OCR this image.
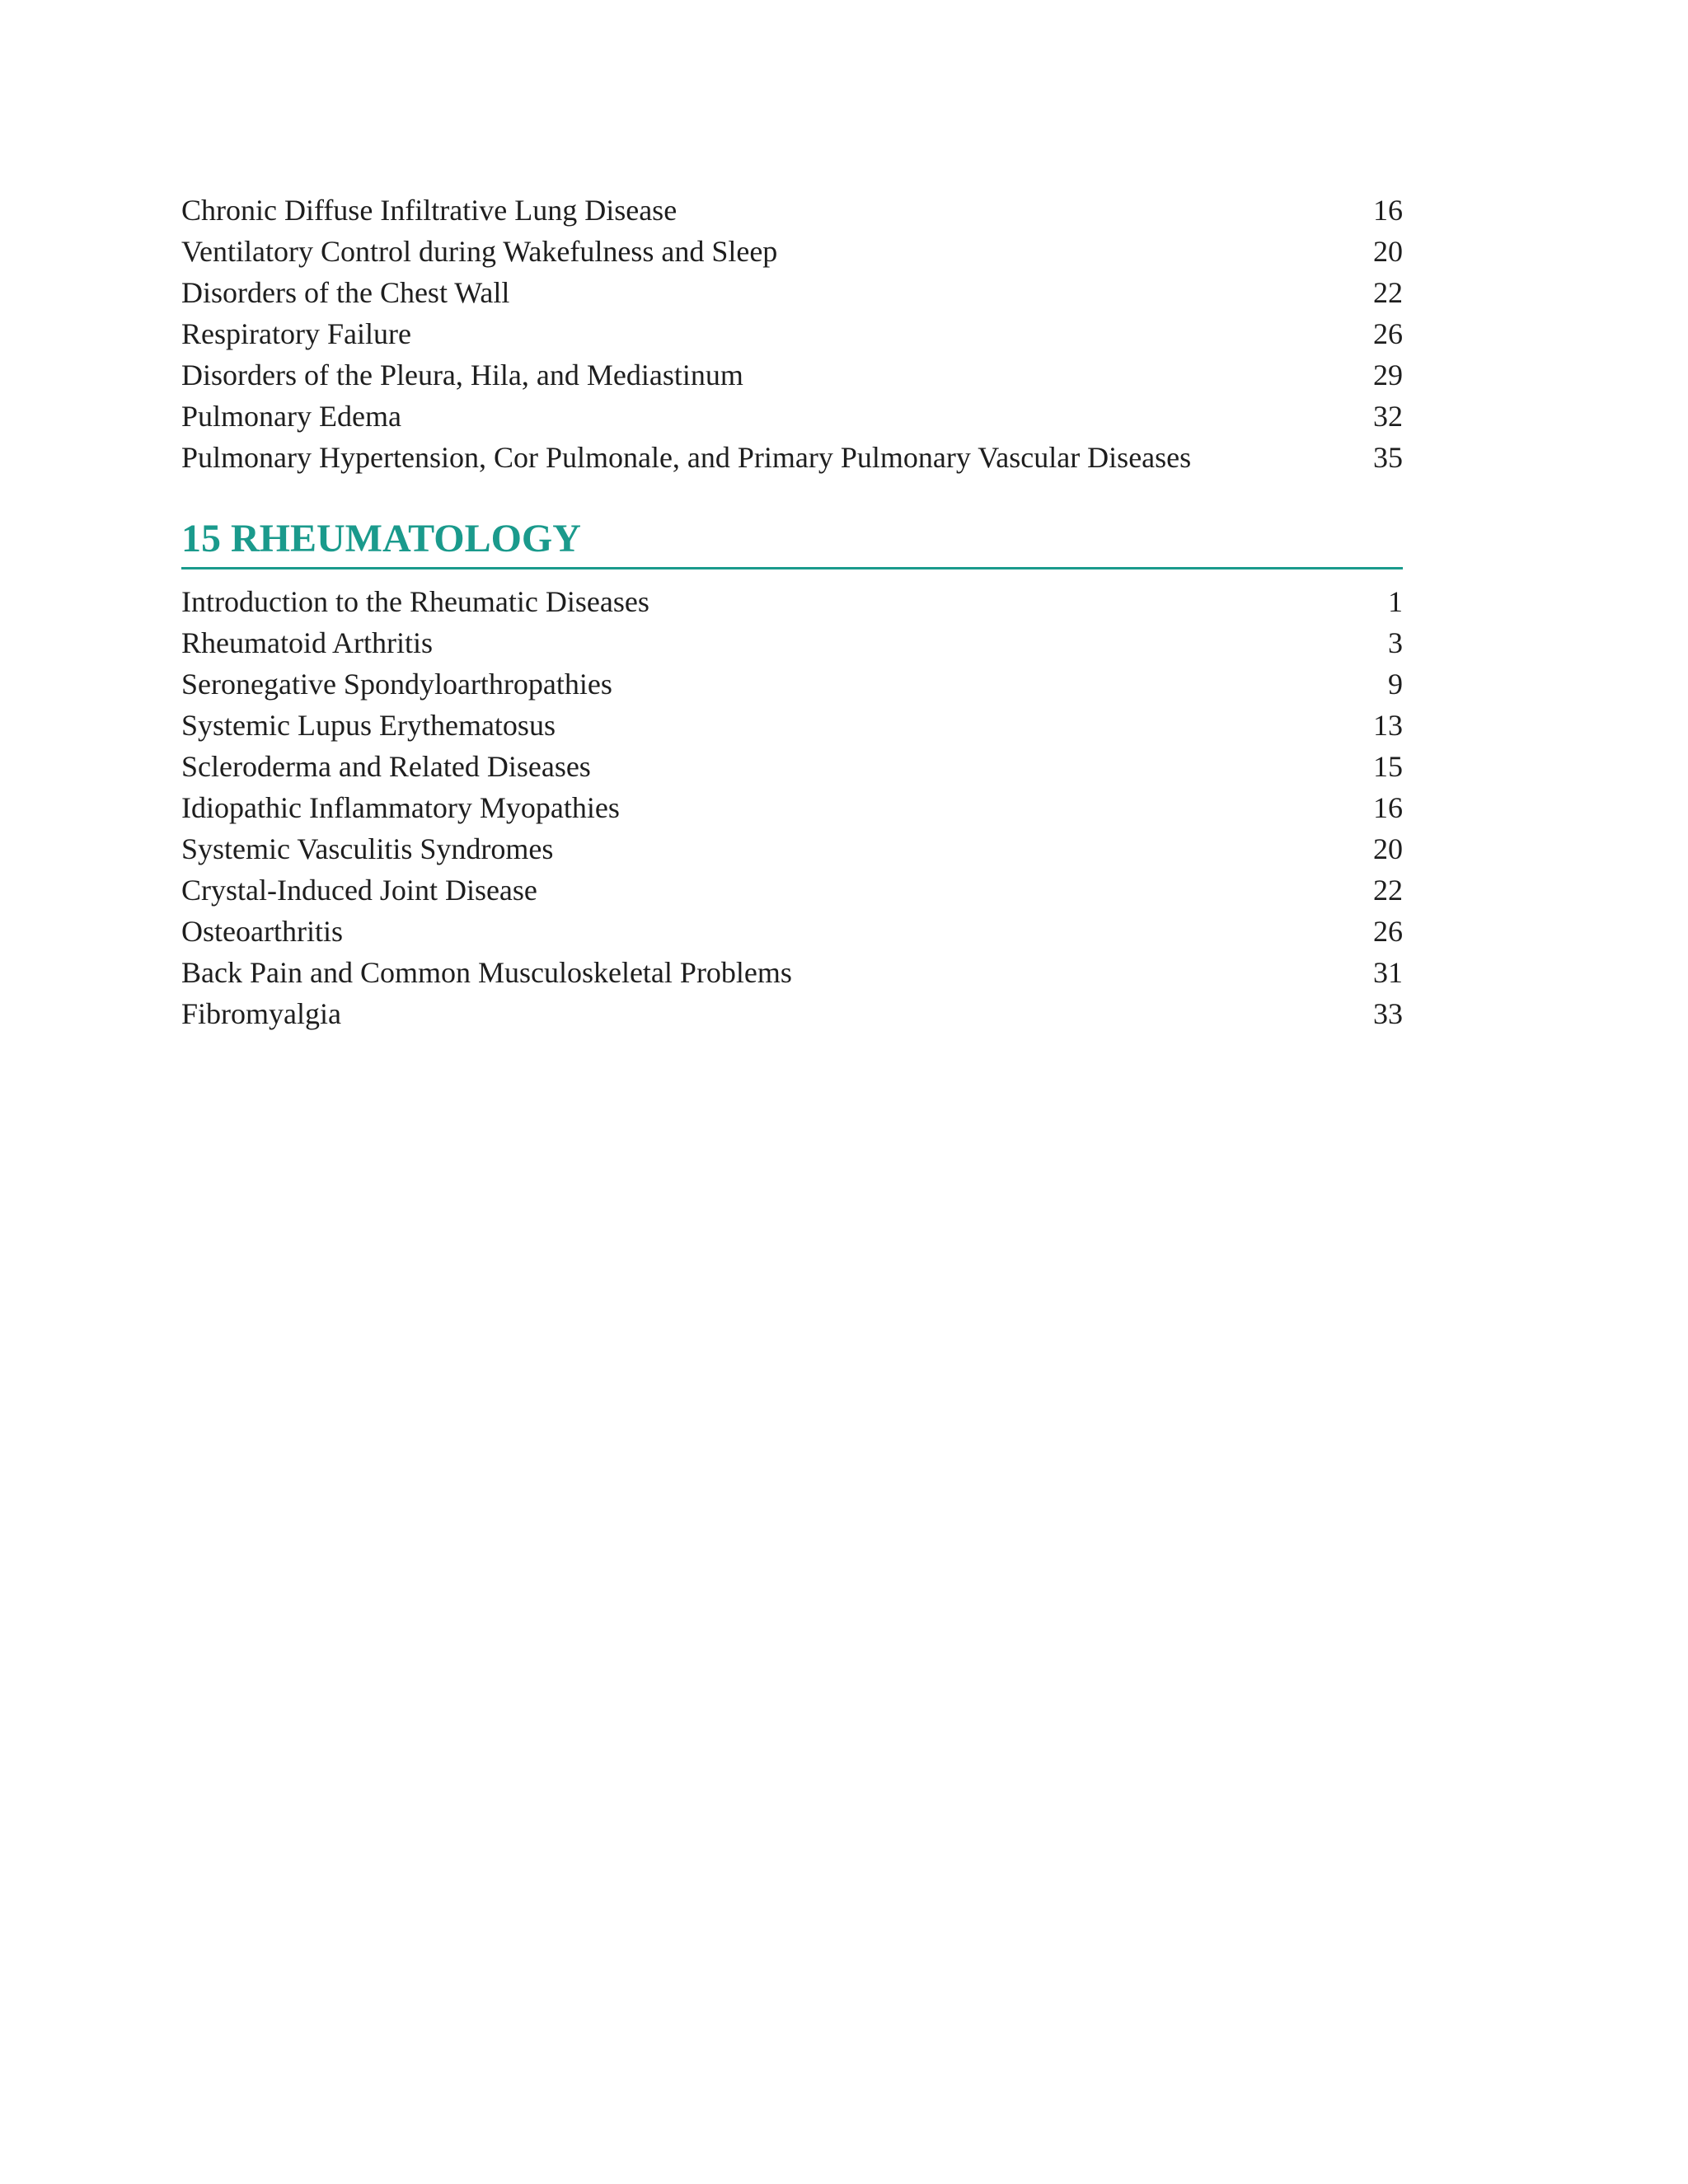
Chronic Diffuse Infiltrative Lung Disease	16
Ventilatory Control during Wakefulness and Sleep	20
Disorders of the Chest Wall	22
Respiratory Failure	26
Disorders of the Pleura, Hila, and Mediastinum	29
Pulmonary Edema	32
Pulmonary Hypertension, Cor Pulmonale, and Primary Pulmonary Vascular Diseases	35
15 RHEUMATOLOGY
Introduction to the Rheumatic Diseases	1
Rheumatoid Arthritis	3
Seronegative Spondyloarthropathies	9
Systemic Lupus Erythematosus	13
Scleroderma and Related Diseases	15
Idiopathic Inflammatory Myopathies	16
Systemic Vasculitis Syndromes	20
Crystal-Induced Joint Disease	22
Osteoarthritis	26
Back Pain and Common Musculoskeletal Problems	31
Fibromyalgia	33
